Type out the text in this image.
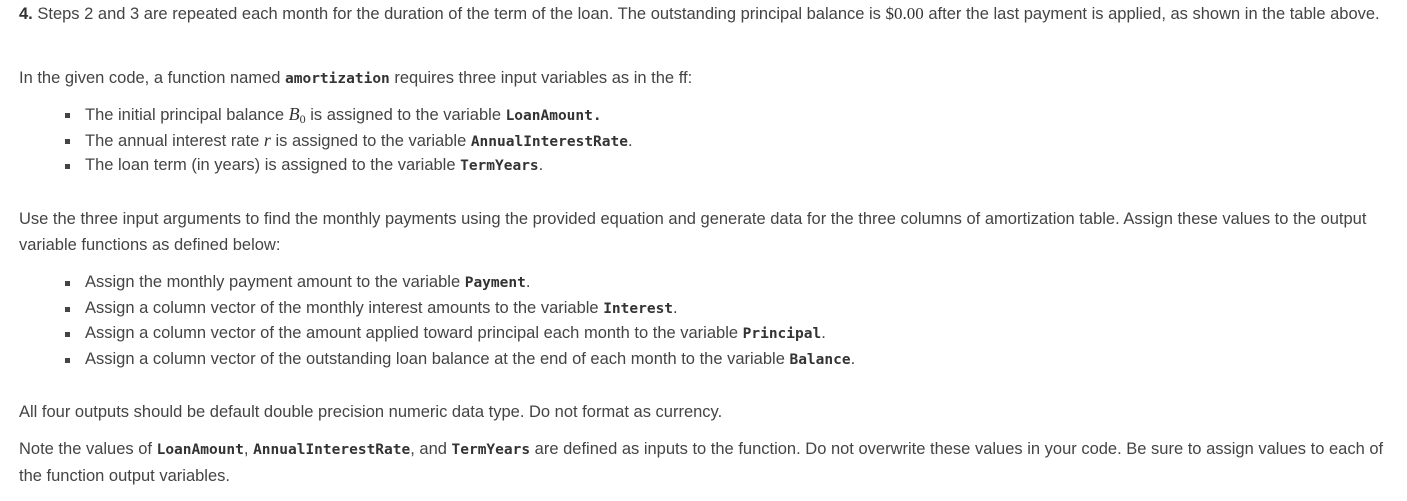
4. Steps 2 and 3 are repeated each month for the duration of the term of the loan. The outstanding principal balance is $0.00 after the last payment is applied, as shown in the table above.

In the given code, a function named amortization requires three input variables as in the ff:

The initial principal balance $B_0$ is assigned to the variable LoanAmount.
The annual interest rate r is assigned to the variable AnnualInterestRate.
The loan term (in years) is assigned to the variable TermYears.

Use the three input arguments to find the monthly payments using the provided equation and generate data for the three columns of amortization table. Assign these values to the output variable functions as defined below:

Assign the monthly payment amount to the variable Payment.
Assign a column vector of the monthly interest amounts to the variable Interest.
Assign a column vector of the amount applied toward principal each month to the variable Principal.
Assign a column vector of the outstanding loan balance at the end of each month to the variable Balance.

All four outputs should be default double precision numeric data type. Do not format as currency.

Note the values of LoanAmount, AnnualInterestRate, and TermYears are defined as inputs to the function. Do not overwrite these values in your code. Be sure to assign values to each of the function output variables.
